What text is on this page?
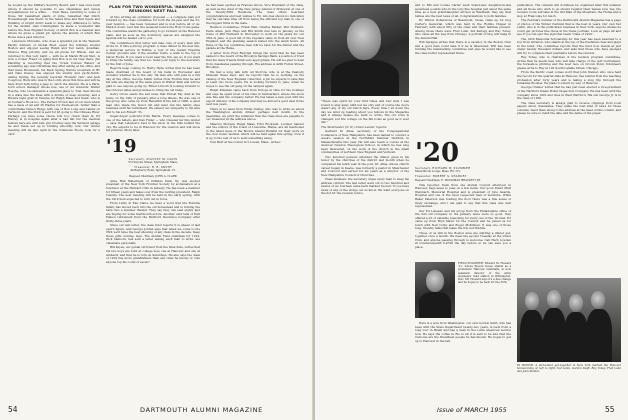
he wound up the Military Security Board, and I was once back where it should be possible to see classmates and renew acquaintances for a while. . . Next Rene, referring to some of those '04' basketball giants of oldie, remarked that Dutch Rousenbaugh was there; in the faded time and that tigers and thinking or bright didn't seem to make any difference to write for the Alumni. Alex Cunningham 'ta made a wonderful talk before the New England Society, of which Bob is a member and where he gives a grand job before the alumni of which Bob Howe was a past director.

Lawrence McGuinn, who does a splendid job in the Western Pacific Division of Global Boat, spent the holidays around Boston and enjoyed seeing Ralph and Ted Lamb, Jonathan, Monroe Ring priority, and we all phone for Wilson, and we returned to this very night — with he at Marsh Brook Mer., is now a Comer Fraud on aging that Bob is in his trap there. Jim Pandling is recording that the 'Crisis Colonel Waters' at something ago was Christmas Day after eating at his office, and that Gene Brownwell, his Beck Spring Nature mountain in BY and Dale Dewey, has enjoyed his smutty and yacht-Dutch. Ashley Spring, the recently reported 'Horsefly club', and Jack Cosgrove, Buck who was in the Lobby show this time and will be here Pond both bring a Jeep to catch the Alumni. He is a Paris-born school manager whose bus, one of our students, Walter Rosche, who recommends a splendid place to Tom. Saw Shoots in a state like the Peas with a drizzle of deep snowing, and a Riviera tight grab in Tensive for Ralph Maas and Dean, who is at Corlear's Hook too. The Perfect Crown last of our men which has a mess of all and 26 Hadley for Swim-about, rather than a comfortable Duke's Ridge with one of Bob Long and Lambs on Vermont, and the Stick is sent for $5 going to the Chinese River. Perhaps you have some choice bits too; chuck them in. Ed Harrey is in hospital again after a bad fall but the medical fellows here are with him. Jim Crowley says the Vermont garage he and Tessa set up is running smoothly now. Our winter meeting will be late April in the Commons Room; look for a card.

PLAN FOR TWO WONDERFUL 'HANOVER REUNIONS NEXT FALL

At this writing an optimistic proposal — a complete plan put forward by the class committee for both the 50-year and the 55-year reunion — has been reviewed and is now before all of us. Mark it down: next fall, the weekend before the Holy Cross game. The committee wants the gathering to go forward on the Hanover plain, and as soon as the dormitory spaces are assigned the agenda will be mailed out to you.

The committee's first letter will take care of every man who wrote in. It lists a strong program: a class dinner in the new Inn, a memorial service in Rollins, a tour of the rebuilt Hopkins Center grounds and, if the weather holds, a walk to the top of Velvet Rocks. If you want a room near the Inn, say so; if you want to bring the family, say that too. Send your reply to the secretary by the first of June.

Reports keep coming in. Harry Hyde writes that he has been made chairman of the board of his bank in Worcester and wonders whether he is the only '04 man who still puts in a full day at the office. George Smith writes from Florida that he and his wife are staying at the same place in Winter Park and will be glad to see anyone going by. Elmer Lincoln is looking forward to the October dates and promises to bring the old banjo.

Gerry Grove sends the sad news that Ernest Fay died at his home on the 19th of January after a long illness. He was one of the group who came up from Haverhill in the fall of 1900, a quiet man who made the honor list and later ran the family shoe business until his retirement. We extend our sympathy to his wife and to his son Robert '33.

Super-duper postcard from Beirut. Every message comes to one of the tellers, and Dan Fuller — who traveled far this winter — says that Lebanon's best is the snow in the hills behind the city. He expects to be in Hanover for the reunion and will show his pictures. More later.

'19
Secretary, STANLEY M. DAVIS
55 Holyoke Street, Springfield, Mass.
Treasurer, R. B. SMITH
44 Bayberry Road, Springfield, Vt.
Bequest Chairman, JOHN A. CLARK

Aime Hall Watermain of Cliffside Park, NJ, was elected president of the New York Frontier Society by acclamation at a luncheon at the Harvard Club in January. He has been a member for fifteen years and takes over from the retiring president, Ralph Cassidy. The next meeting will be held in the early spring, with the 1919 men expected to turn out in force.

From Lindy in Eau Claire we have a word that the Robbins family has moved back into the old homestead and is turning the barn into a summer theater. They say they can seat eighty and are hoping for some Dartmouth actors. Another card tells of Earl Fiske's retirement from the Hartford Insurance Company after thirty-three years.

Since our last letter, the class fund reports it is ahead of last year's figure, and George Jordan says that when we come to the 35th we'll have the best showing of any class in the decade. Keep those gifts coming, men. The Alumni Fund chairman for 1919, Dick Sanborn, has sent a letter asking each man to write one classmate personally.

Bill Keyes, our genial old friend from the West Side, writes that his two boys are both at college now, one at Hanover and one at Amherst, and that he is torn on Saturdays. He also says the class of 1919 has more grandfathers than any class he knows of. Can anyone top his count of seven?

he had been spotted as Frances Grove, Vice President of the class, as well as the chief of the New Jersey Alumni of Princeton at one of the Twenty-Fifth Reunions. The class offers heartiest congratulations and best wishes to Ed, who has shown no indication that he can take time off from being the efficient top man in one of the biggest firms in the state.

Reunion Committee: Frank Hall, Charles Barker, Phil Hubbard, Earle Allen, Jack Hays and Bill Smith met late in January at the home of Phil Hubbard in Worcester to work on the plans for our 35th in June. A good list of the regulars came in from all over New England, and the planning session lasted into the small hours. All three of the top committee men will be back for the dinner and the parade at the Bema.

A letter from Fred Rudolph brings the word that he has been named to the board of the Brooklyn Savings Bank, a position of trust that his many friends think very appropriate. He will be glad to hear from classmates passing through. His address is 4200 Fulton Street, Brooklyn.

We had a long talk with Ad Storrow, who is at the Peabody Museum these days, and he reports that he is working on the catalog of the New England collection, a job he expects to take him at least two more years. He is looking forward to June, when he hopes to see the old gang on the campus again.

Ralph Kinsman came back from Europe in time for the holidays and says he spent most of his time in Switzerland, where the snow was fine and the company better. He has taken a new post with the export division of his company and may be abroad a good deal in the next few years.

There is no news from Eddie Dudley, who was to write us about the Washington alumni dinner; perhaps next month. In the meantime, we print the reminder that the class dues are payable to our treasurer at the address above.

Maurice Morgan, Ralph Maas, Fritz Rockwell, Lorimer Sander and the editors of the Coast of Louisville, Maine, are all mentioned in the latest issue of the Boston Alumni Bulletin for their work on the civic music festival, which will be held again this spring. Now it is up to the rest of us to send something along.

Tom Hart at the Comer Oct Lowell, Mass., writes:

54	DARTMOUTH ALUMNI MAGAZINE

"There was spirit for your first times and four kids I was bound to stay away until but we only and of course the doors wasn't any of my old bunch here. Every time I sit down the day we wind up reading about you fellows in the Magazine and it always makes me want to write. The old town is changed, but the college on the hill looks as good as it ever did."

The Manchester (N. H.) Union Leader reports:

Gerhard W. Atlas, secretary of the Congregational Conference of New Hampshire, has been named to conduct a week's session at the Northfield Summer Institute in Massachusetts this year. He will also teach a course at the Andover Newton Theological School, in which he has long been interested, on the work of the church in the small communities of northern New England and Vermont.

Two hundred persons attended the dinner given in his honor by the churches of the district last month when he completed his tenth year in the post. Dr. Atlas, whose church career began in Keene, was formerly a pastor in Manchester and Concord and served for six years as a director of the New Hampshire Council of Churches.

Class business: the secretary urges every man to keep his address current. The last letter went out to two hundred and twelve of us; fourteen came back marked 'moved.' If you have news of any of the strays, let us know. We want everyone on the list for the reunion notice.

and to Bill and Louise Carter went brand-new daughter-in-law seventeen pounds who in the very fine hospital just about the same time as a new granddaughter arrived at Westfield; they say that babies are the best news of all. Congratulations to both families.

Dr. Wilson Dollerstone of Beaumont, Texas, came up for Dog Carter's memorial, which was held in the Rollins Chapel in February with about fifty of the class and their families present. Among those there were Fred Lunn, Sid Kellogg and Ray Tobey, who came all the way from Chicago. A portrait of Dog will hang in the Alumni Hall.

Will Sprague writes that there is a vacancy in the Boston Club and a good man could take it if he is interested; Will has been running the membership committee and says he would like to see the class better represented there.

'20
Secretary, RICHARD W. PLUMMER
Mead Brook Lodge, Mass. R2, N.Y.
Treasurer, ROBERT S. SEABURY
Bequest Chairman, E. WOODMAN BRACKETT JR.

This reporter, fresh from one Alumni Council afternoon in Hanover, begs leave to pass on a few items. Our good friend Matt Weinbach, Memorial Hospital and is president of Jobs Awards, Hospital and one of the most respected men of medicine. While Baker Paterson was holding the floor there was a fine sense of lively exchange, and I am glad to say that this class was well represented.

Our Ed Lebeaux and his group from the Philadelphia office of the Sun Oil Company in the January issue were so good, they offered a lot of valuable reasoning for every one of the '20 men. Ed came up from Bryn Mawr for the Council and he joined us for lunch with Neil Colby and Roger McKibben. It was one of those long, friendly talks that make the trip worthwhile.

Those of us still in the Boston area are starting a dinner get-together once a month. We meet the second Tuesday at the Union Club, and anyone passing through is welcome. Call Herb Lowden at Commonwealth 6-4700 the day before so he can save you a place.

FIELD ENGINEER: Edward M. Howard '21, whose Epsom house stands as a prominent Hanover landmark, is now assistant director of the Army engineers' field station in Wilmington, Del.; Mr. Howard says it's a fine change and he hopes to be back for the 35th.

Here is a note from Washington: our own Gordon Swift, who has been with the State Department twenty-two years, is back from a long tour in Brazil and has a desk in the Latin American section now. He says the coffee in Rio is all it is said to be and that the Cariocas are the friendliest people he has known. He hopes to get up to Hanover in the fall.

publication. The caravan will doubtless be organized later this summer and all those who wish to go should register their names now. Yes, the reunion route will take in the Old Man of the Mountain, the Flume and a stop at Franconia for lunch.

The February number of the Dartmouth Alumni Magazine has a page of photos of the Winter Carnival that is the best in years. Our own Ted Lamb, who is in the publication business in New York, says he wishes he could get pictures like those in his trade journals. Look at page 40 and see if you can spot the sign that reads 'Class of 1920'.

The 1920 Memorial Scholarship for this year has been awarded to a boy from Littleton, who stands at the top of the freshman class and plays in the band. The committee reports that the fund now stands at just under twenty thousand dollars, and asks that those who have pledged will try to complete their payments before the reunion.

Ray Tobey, who is chairman of the reunion program committee, writes that he needs men who will take charge of the golf tournament, the horseshoe pitching and the boat race on Occom Pond. Volunteers please write to Ray at 120 South LaSalle Street, Chicago.

From the Pacific coast comes word that John Steiner, who once held the record for the quarter-mile at Hanover, has retired from the teaching profession after forty years and is taking a long trip through the Canadian Rockies. He plans to return by way of Hanover.

George Cramer writes that he has just been elected a vice-president of the Hartford Steam Boiler Inspection Company. He has been with the company since 1922 and lives in West Hartford. His son George Jr. is in the class of 1958.

The class secretary is always glad to receive clippings from local papers about classmates. They make the best kind of news for these columns. Send them along to the address at the head of this column, and please be sure to mark the date and the name of the paper.

IN HONOR: A mid-winter get-together in New York marked the Hanover homecoming of, left to right, Ted Lamb, Gordon Swift, Ray Tobey, Fred Lunn and John Steiner.
Issue of MARCH 1955	55
